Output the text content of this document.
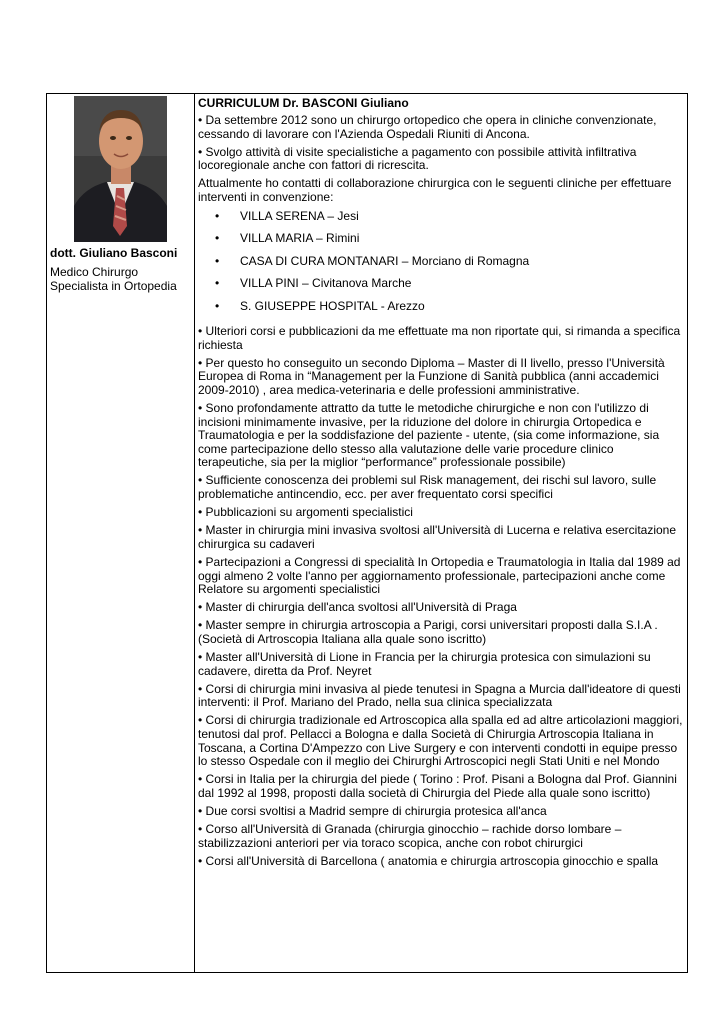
dott. Giuliano Basconi
Medico Chirurgo Specialista in Ortopedia
CURRICULUM Dr. BASCONI Giuliano
• Da settembre 2012 sono un chirurgo ortopedico che opera in cliniche convenzionate, cessando di lavorare con l'Azienda Ospedali Riuniti di Ancona.
• Svolgo attività di visite specialistiche a pagamento con possibile attività infiltrativa locoregionale anche con fattori di ricrescita.
Attualmente ho contatti di collaborazione chirurgica con le seguenti cliniche per effettuare interventi in convenzione:
• VILLA SERENA – Jesi
• VILLA MARIA – Rimini
• CASA DI CURA MONTANARI – Morciano di Romagna
• VILLA PINI – Civitanova Marche
• S. GIUSEPPE HOSPITAL - Arezzo
• Ulteriori corsi e pubblicazioni da me effettuate ma non riportate qui, si rimanda a specifica richiesta
• Per questo ho conseguito un secondo Diploma – Master di II livello, presso l'Università Europea di Roma in “Management per la Funzione di Sanità pubblica (anni accademici 2009-2010) , area medica-veterinaria e delle professioni amministrative.
• Sono profondamente attratto da tutte le metodiche chirurgiche e non con l'utilizzo di incisioni minimamente invasive, per la riduzione del dolore in chirurgia Ortopedica e Traumatologia e per la soddisfazione del paziente - utente, (sia come informazione, sia come partecipazione dello stesso alla valutazione delle varie procedure clinico terapeutiche, sia per la miglior “performance” professionale possibile)
• Sufficiente conoscenza dei problemi sul Risk management, dei rischi sul lavoro, sulle problematiche antincendio, ecc. per aver frequentato corsi specifici
• Pubblicazioni su argomenti specialistici
• Master in chirurgia mini invasiva svoltosi all'Università di Lucerna e relativa esercitazione chirurgica su cadaveri
• Partecipazioni a Congressi di specialità In Ortopedia e Traumatologia in Italia dal 1989 ad oggi almeno 2 volte l'anno per aggiornamento professionale, partecipazioni anche come Relatore su argomenti specialistici
• Master di chirurgia dell'anca svoltosi all'Università di Praga
• Master sempre in chirurgia artroscopia a Parigi, corsi universitari proposti dalla S.I.A . (Società di Artroscopia Italiana alla quale sono iscritto)
• Master all'Università di Lione in Francia per la chirurgia protesica con simulazioni su cadavere, diretta da Prof. Neyret
• Corsi di chirurgia mini invasiva al piede tenutesi in Spagna a Murcia dall'ideatore di questi interventi: il Prof. Mariano del Prado, nella sua clinica specializzata
• Corsi di chirurgia tradizionale ed Artroscopica alla spalla ed ad altre articolazioni maggiori, tenutosi dal prof. Pellacci a Bologna e dalla Società di Chirurgia Artroscopia Italiana in Toscana, a Cortina D'Ampezzo con Live Surgery e con interventi condotti in equipe presso lo stesso Ospedale con il meglio dei Chirurghi Artroscopici negli Stati Uniti e nel Mondo
• Corsi in Italia per la chirurgia del piede ( Torino : Prof. Pisani a Bologna dal Prof. Giannini dal 1992 al 1998, proposti dalla società di Chirurgia del Piede alla quale sono iscritto)
• Due corsi svoltisi a Madrid sempre di chirurgia protesica all'anca
• Corso all'Università di Granada (chirurgia ginocchio – rachide dorso lombare – stabilizzazioni anteriori per via toraco scopica, anche con robot chirurgici
• Corsi all'Università di Barcellona ( anatomia e chirurgia artroscopia ginocchio e spalla
